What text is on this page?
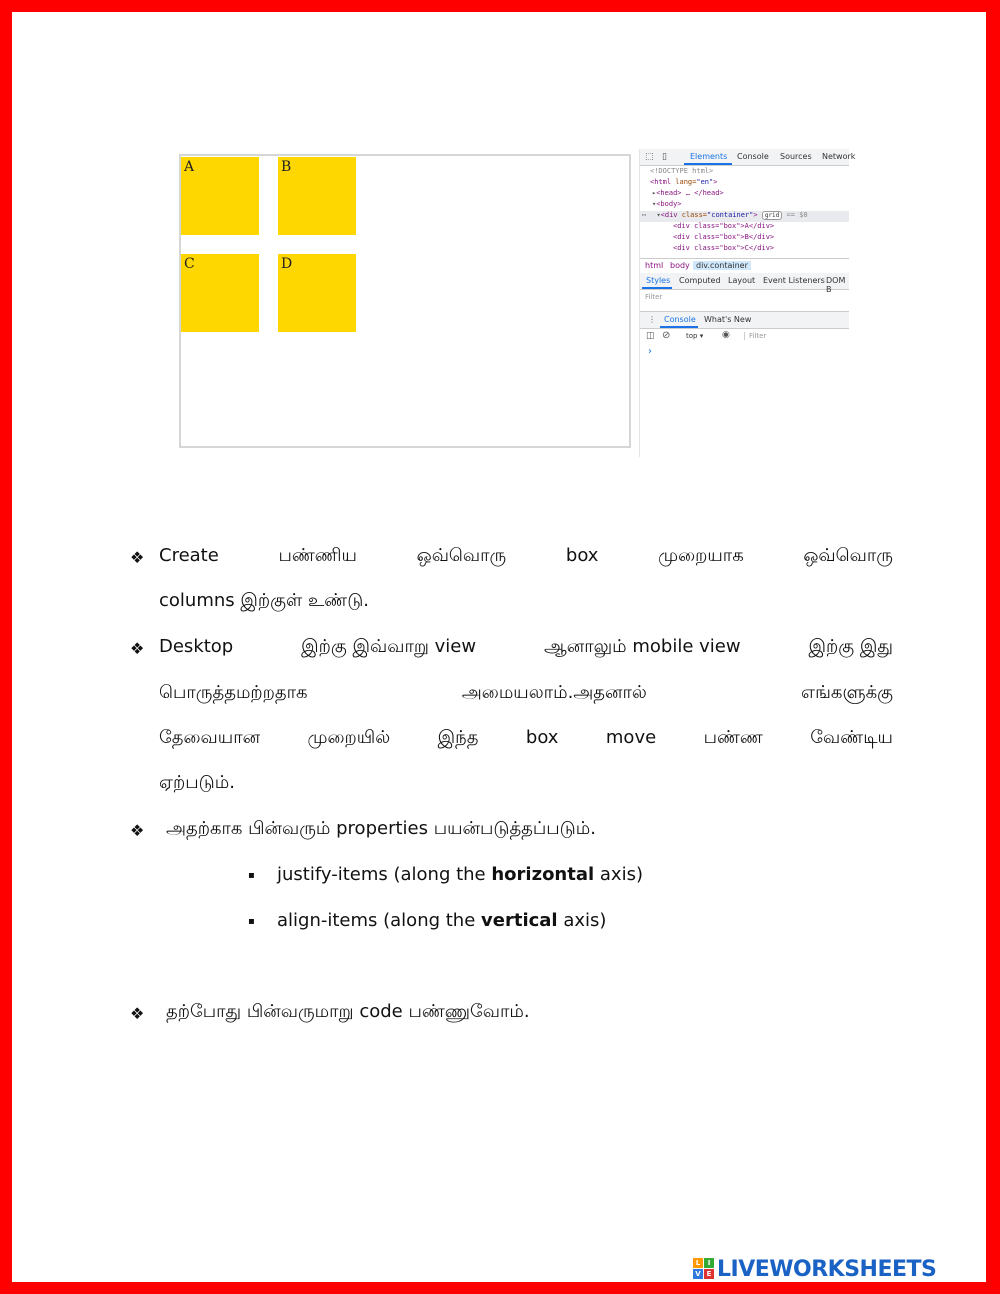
A	B
C	D
⬚ ▯	Elements Console Sources Network
<!DOCTYPE html>
<html lang="en">
▸<head> … </head>
▾<body>
⋯ ▾<div class="container"> grid == $0
<div class="box">A</div>
<div class="box">B</div>
<div class="box">C</div>
html body div.container
Styles Computed Layout Event Listeners DOM B
Filter
⋮ Console What's New
◫ ⊘ top ▾ ◉	Filter
›
❖ Create	பண்ணிய	ஒவ்வொரு	box	முறையாக	ஒவ்வொரு
columns இற்குள் உண்டு.
❖ Desktop	இற்கு இவ்வாறு view	ஆனாலும் mobile view	இற்கு இது
பொருத்தமற்றதாக	அமையலாம்.அதனால்	எங்களுக்கு
தேவையான	முறையில்	இந்த	box	move	பண்ண	வேண்டிய
ஏற்படும்.
❖ அதற்காக பின்வரும் properties பயன்படுத்தப்படும்.
▪ justify-items (along the horizontal axis)
▪ align-items (along the vertical axis)
❖ தற்போது பின்வருமாறு code பண்ணுவோம்.
L	I
V E LIVEWORKSHEETS
